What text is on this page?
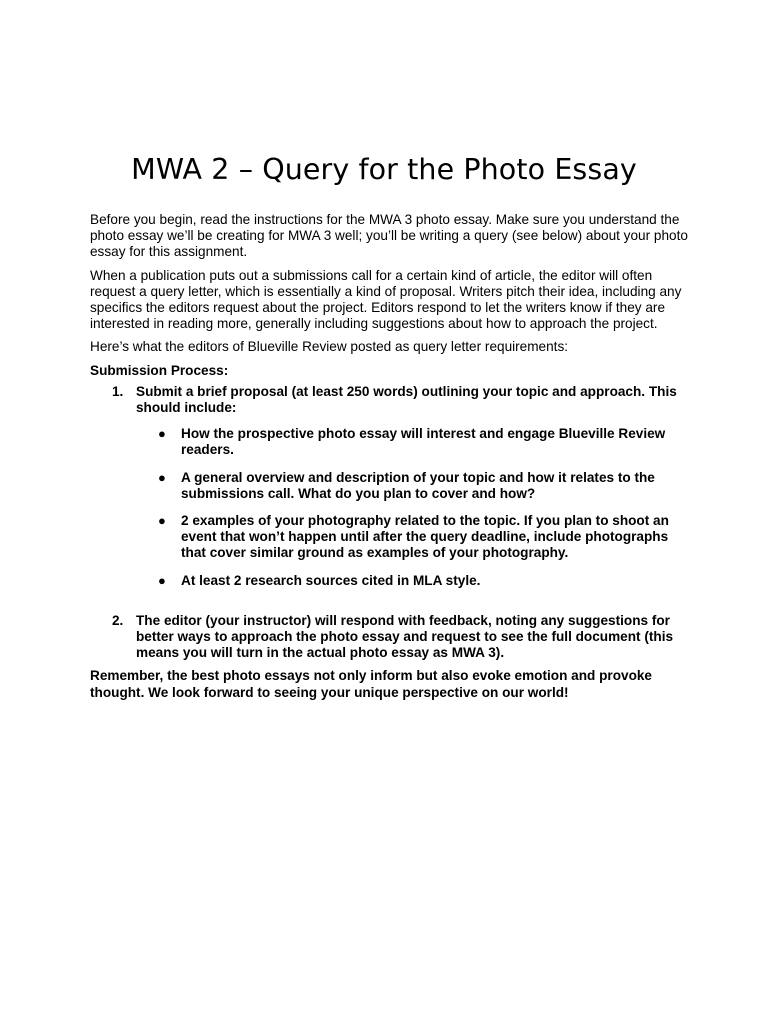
MWA 2 – Query for the Photo Essay

Before you begin, read the instructions for the MWA 3 photo essay. Make sure you understand the photo essay we’ll be creating for MWA 3 well; you’ll be writing a query (see below) about your photo essay for this assignment.

When a publication puts out a submissions call for a certain kind of article, the editor will often request a query letter, which is essentially a kind of proposal. Writers pitch their idea, including any specifics the editors request about the project. Editors respond to let the writers know if they are interested in reading more, generally including suggestions about how to approach the project.

Here’s what the editors of Blueville Review posted as query letter requirements:

Submission Process:

1. Submit a brief proposal (at least 250 words) outlining your topic and approach. This should include:
● How the prospective photo essay will interest and engage Blueville Review readers.
● A general overview and description of your topic and how it relates to the submissions call. What do you plan to cover and how?
● 2 examples of your photography related to the topic. If you plan to shoot an event that won’t happen until after the query deadline, include photographs that cover similar ground as examples of your photography.
● At least 2 research sources cited in MLA style.
2. The editor (your instructor) will respond with feedback, noting any suggestions for better ways to approach the photo essay and request to see the full document (this means you will turn in the actual photo essay as MWA 3).

Remember, the best photo essays not only inform but also evoke emotion and provoke thought. We look forward to seeing your unique perspective on our world!
